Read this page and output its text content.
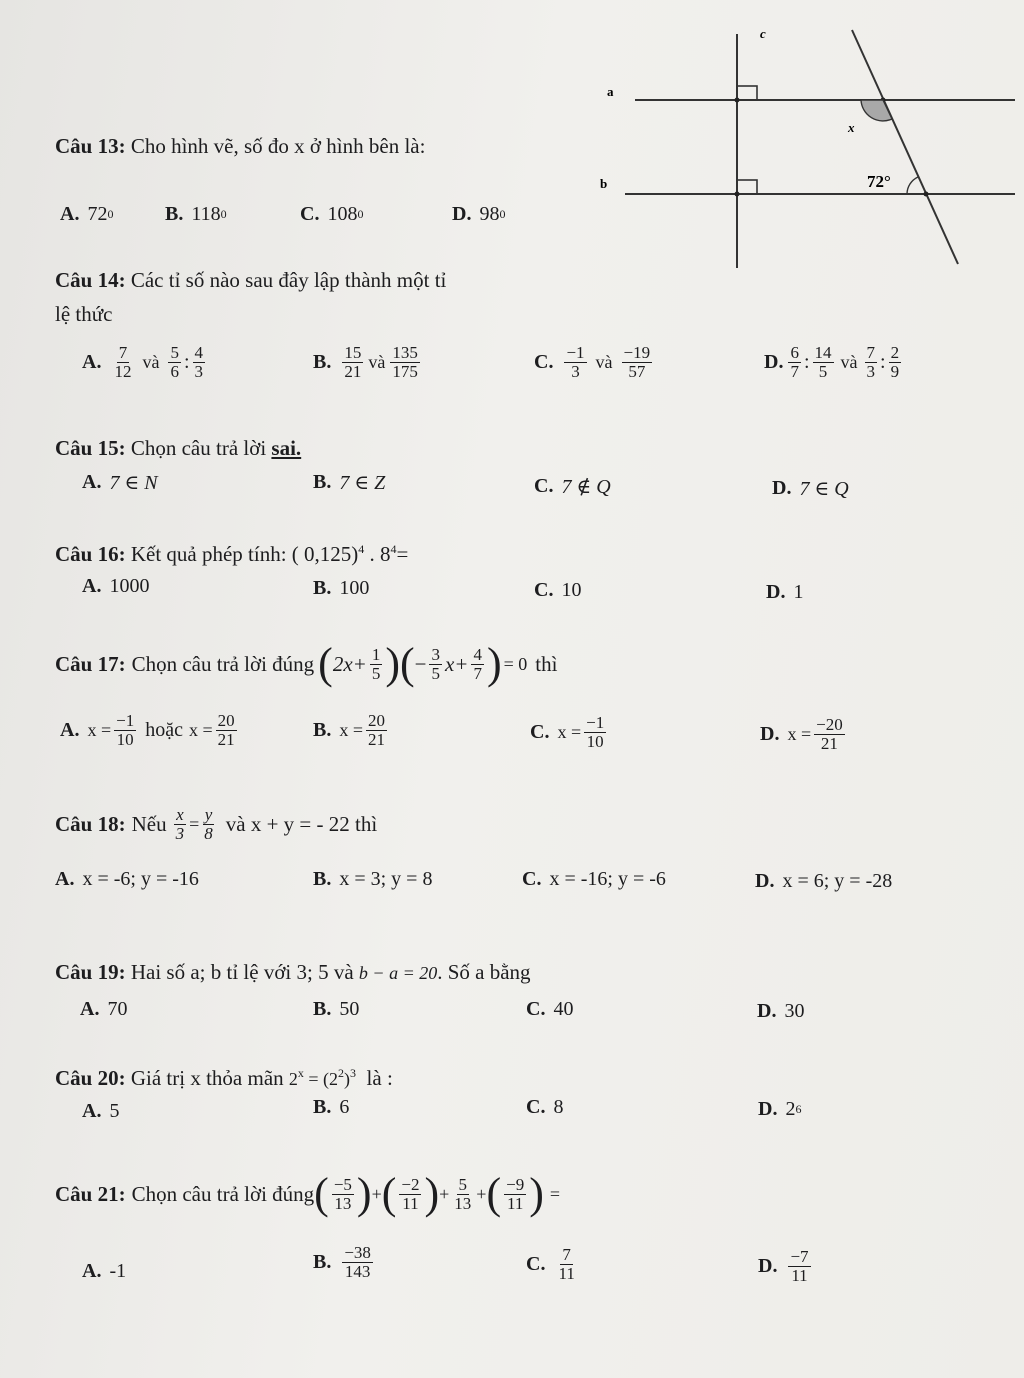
c
a
b
x
72°
Câu 13: Cho hình vẽ, số đo x ở hình bên là:
A. 72 0	B. 118 0	C. 108 0	D. 98 0
Câu 14: Các tỉ số nào sau đây lập thành một tỉ
lệ thức
A. 7
12 và 5
6 : 4
3	B. 15
21 và 135
175	C. −1
3 và −19
57	D. 6
7 : 14
5 và 7
3 : 2
9
Câu 15: Chọn câu trả lời sai.
A. 7 ∈ N	B. 7 ∈ Z	C. 7 ∉ Q	D. 7 ∈ Q
Câu 16: Kết quả phép tính: ( 0,125)$^4$ . $8^4=$
A. 1000	B. 100	C. 10	D. 1
Câu 17: Chọn câu trả lời đúng ( $2x+ \frac{1}{5}$ ) ( − $\frac{3}{5} x+ \frac{4}{7}$ ) = 0 thì
A. $x = \frac{-1}{10}$ hoặc $x = \frac{20}{21}$	B. $x = \frac{20}{21}$	C. $x = \frac{-1}{10}$	D. $x = \frac{-20}{21}$
Câu 18: Nếu $\frac{x}{3} = \frac{y}{8}$ và x + y = - 22 thì
A. x = -6; y = -16	B. x = 3; y = 8	C. x = -16; y = -6	D. x = 6; y = -28
Câu 19: Hai số a; b tỉ lệ với 3; 5 và b − a = 20. Số a bằng
A. 70	B. 50	C. 40	D. 30
Câu 20: Giá trị x thỏa mãn $2^x = (2^2)^3$ là :
A. 5	B. 6	C. 8	D. 2 6
Câu 21: Chọn câu trả lời đúng ( −5
13 ) + ( −2
11 ) + $\frac{5}{13}$ + ( −9
11 ) =
A. -1	B. −38
143	C. 7
11	D. −7
11
